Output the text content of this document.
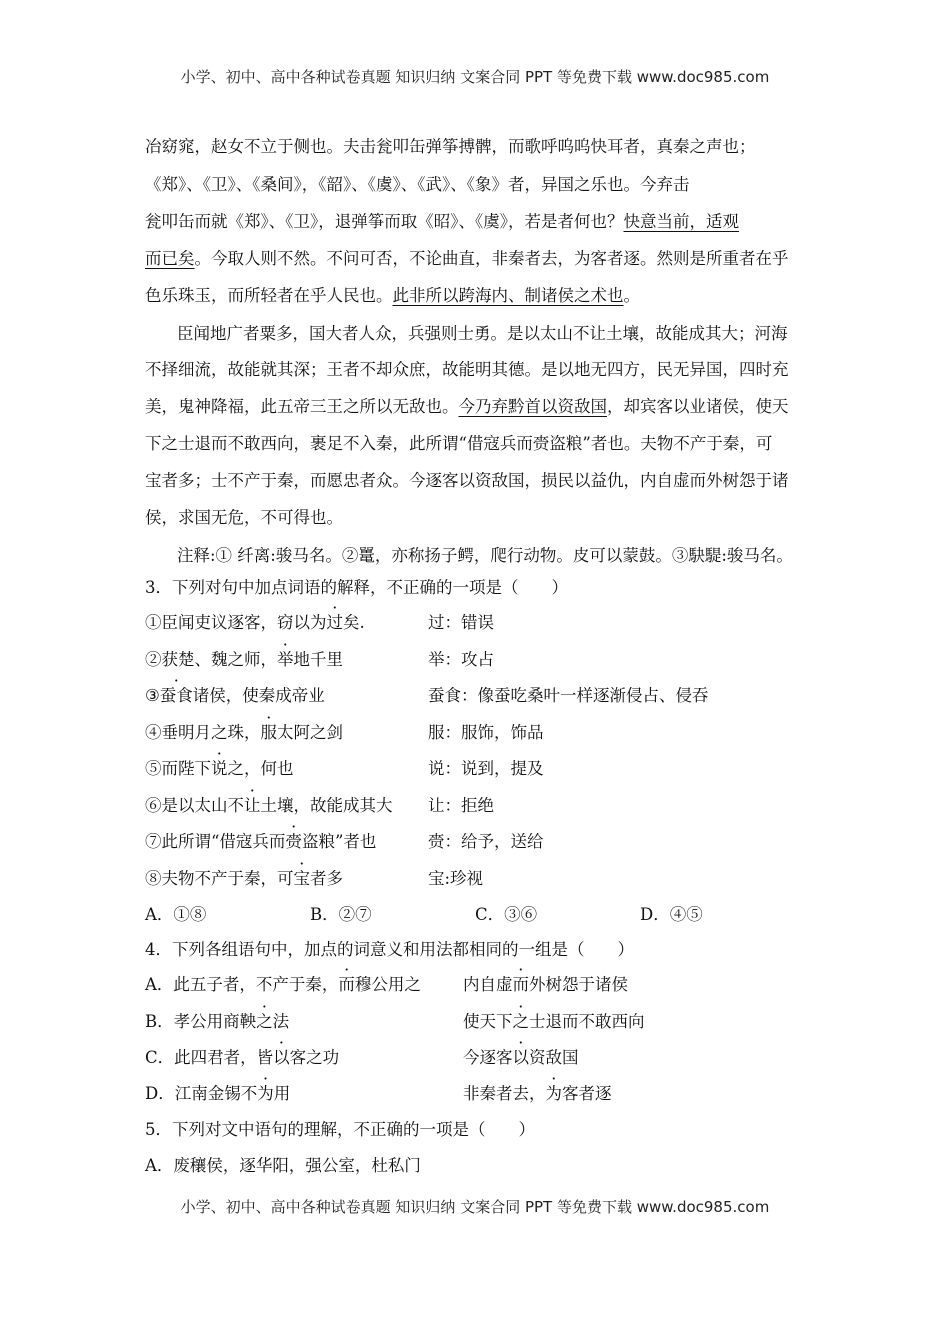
小学、初中、高中各种试卷真题 知识归纳 文案合同 PPT 等免费下载 www.doc985.com
冶窈窕，赵女不立于侧也。夫击瓮叩缶弹筝搏髀，而歌呼呜呜快耳者，真秦之声也；
《郑》、《卫》、《桑间》，《韶》、《虞》、《武》、《象》者，异国之乐也。今弃击
瓮叩缶而就《郑》、《卫》，退弹筝而取《昭》、《虞》，若是者何也？快意当前，适观
而已矣。今取人则不然。不问可否，不论曲直，非秦者去，为客者逐。然则是所重者在乎
色乐珠玉，而所轻者在乎人民也。此非所以跨海内、制诸侯之术也。
臣闻地广者粟多，国大者人众，兵强则士勇。是以太山不让土壤，故能成其大；河海
不择细流，故能就其深；王者不却众庶，故能明其德。是以地无四方，民无异国，四时充
美，鬼神降福，此五帝三王之所以无敌也。今乃弃黔首以资敌国，却宾客以业诸侯，使天
下之士退而不敢西向，裹足不入秦，此所谓“借寇兵而赍盗粮”者也。夫物不产于秦，可
宝者多；士不产于秦，而愿忠者众。今逐客以资敌国，损民以益仇，内自虚而外树怨于诸
侯，求国无危，不可得也。
注释:① 纤离:骏马名。②鼍，亦称扬子鳄，爬行动物。皮可以蒙鼓。③駃騠:骏马名。
3．下列对句中加点词语的解释，不正确的一项是（　　）
①臣闻吏议逐客，窃以为过矣.	过：错误
②获楚、魏之师，举地千里	举：攻占
③蚕食诸侯，使秦成帝业	蚕食：像蚕吃桑叶一样逐渐侵占、侵吞
④垂明月之珠，服太阿之剑	服：服饰，饰品
⑤而陛下说之，何也	说：说到，提及
⑥是以太山不让土壤，故能成其大 让：拒绝
⑦此所谓“借寇兵而赍盗粮”者也	赍：给予，送给
⑧夫物不产于秦，可宝者多	宝:珍视
A．①⑧	B．②⑦	C．③⑥	D．④⑤
4．下列各组语句中，加点的词意义和用法都相同的一组是（　　）
A．此五子者，不产于秦，而穆公用之	内自虚而外树怨于诸侯
B．孝公用商鞅之法	使天下之士退而不敢西向
C．此四君者，皆以客之功	今逐客以资敌国
D．江南金锡不为用	非秦者去，为客者逐
5．下列对文中语句的理解，不正确的一项是（　　）
A．废穰侯，逐华阳，强公室，杜私门
小学、初中、高中各种试卷真题 知识归纳 文案合同 PPT 等免费下载 www.doc985.com
